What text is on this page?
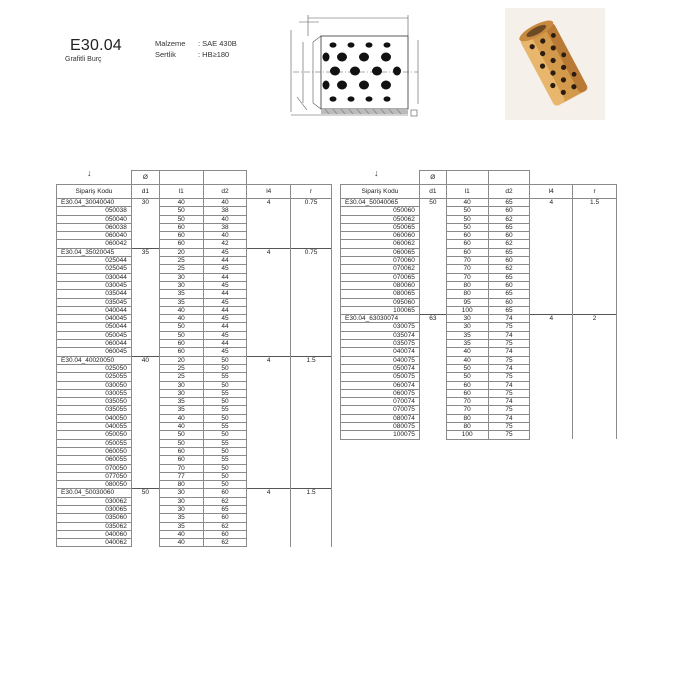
E30.04
Grafitli Burç
Malzeme : SAE 430B
Sertlik	: HB≥180
↓	↓
	Ø				
Sipariş Kodu	d1	l1	d2	l4	r
E30.04_30040040	30	40	40	4	0.75
050038		50	38		
050040		50	40		
060038		60	38		
060040		60	40		
060042		60	42		
E30.04_35020045	35	20	45	4	0.75
025044		25	44		
025045		25	45		
030044		30	44		
030045		30	45		
035044		35	44		
035045		35	45		
040044		40	44		
040045		40	45		
050044		50	44		
050045		50	45		
060044		60	44		
060045		60	45		
E30.04_40020050	40	20	50	4	1.5
025050		25	50		
025055		25	55		
030050		30	50		
030055		30	55		
035050		35	50		
035055		35	55		
040050		40	50		
040055		40	55		
050050		50	50		
050055		50	55		
060050		60	50		
060055		60	55		
070050		70	50		
077050		77	50		
080050		80	50		
E30.04_50030060	50	30	60	4	1.5
030062		30	62		
030065		30	65		
035060		35	60		
035062		35	62		
040060		40	60		
040062		40	62		
	Ø				
Sipariş Kodu	d1	l1	d2	l4	r
E30.04_50040065	50	40	65	4	1.5
050060		50	60		
050062		50	62		
050065		50	65		
060060		60	60		
060062		60	62		
060065		60	65		
070060		70	60		
070062		70	62		
070065		70	65		
080060		80	60		
080065		80	65		
095060		95	60		
100065		100	65		
E30.04_63030074	63	30	74	4	2
030075		30	75		
035074		35	74		
035075		35	75		
040074		40	74		
040075		40	75		
050074		50	74		
050075		50	75		
060074		60	74		
060075		60	75		
070074		70	74		
070075		70	75		
080074		80	74		
080075		80	75		
100075		100	75		
